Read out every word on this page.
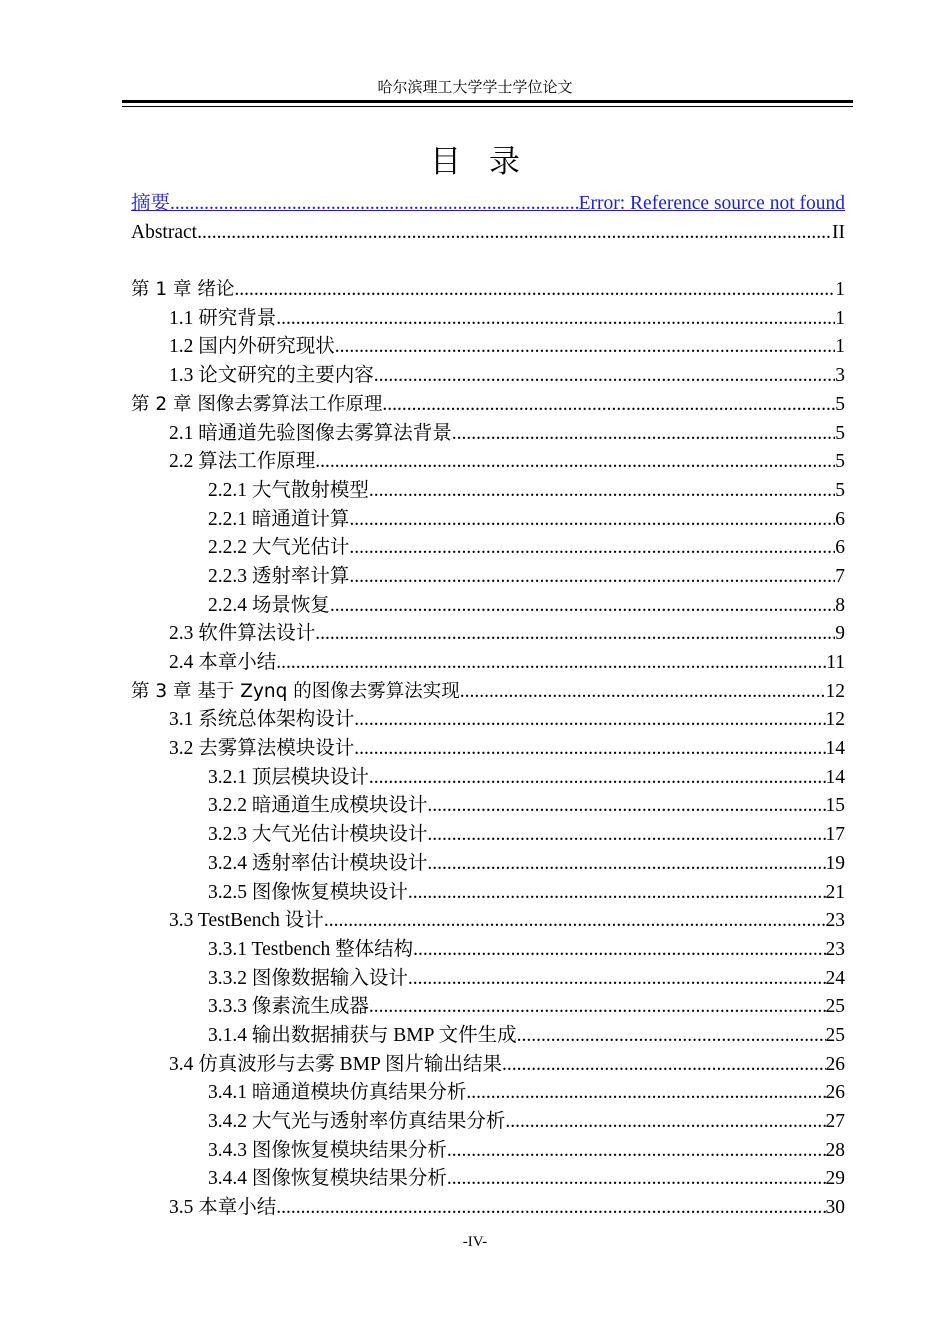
哈尔滨理工大学学士学位论文
目录
摘要 .....	Error: Reference source not found
Abstract .....	II
第 1 章 绪论 .....	1
1.1 研究背景 .....	1
1.2 国内外研究现状 .....	1
1.3 论文研究的主要内容 .....	3
第 2 章 图像去雾算法工作原理 .....	5
2.1 暗通道先验图像去雾算法背景 .....	5
2.2 算法工作原理 .....	5
2.2.1 大气散射模型 .....	5
2.2.1 暗通道计算 .....	6
2.2.2 大气光估计 .....	6
2.2.3 透射率计算 .....	7
2.2.4 场景恢复 .....	8
2.3 软件算法设计 .....	9
2.4 本章小结 .....	11
第 3 章 基于 Zynq 的图像去雾算法实现 .....	12
3.1 系统总体架构设计 .....	12
3.2 去雾算法模块设计 .....	14
3.2.1 顶层模块设计 .....	14
3.2.2 暗通道生成模块设计 .....	15
3.2.3 大气光估计模块设计 .....	17
3.2.4 透射率估计模块设计 .....	19
3.2.5 图像恢复模块设计 .....	21
3.3 TestBench 设计 .....	23
3.3.1 Testbench 整体结构 .....	23
3.3.2 图像数据输入设计 .....	24
3.3.3 像素流生成器 .....	25
3.1.4 输出数据捕获与 BMP 文件生成 .....	25
3.4 仿真波形与去雾 BMP 图片输出结果 .....	26
3.4.1 暗通道模块仿真结果分析 .....	26
3.4.2 大气光与透射率仿真结果分析 .....	27
3.4.3 图像恢复模块结果分析 .....	28
3.4.4 图像恢复模块结果分析 .....	29
3.5 本章小结 .....	30
-IV-
